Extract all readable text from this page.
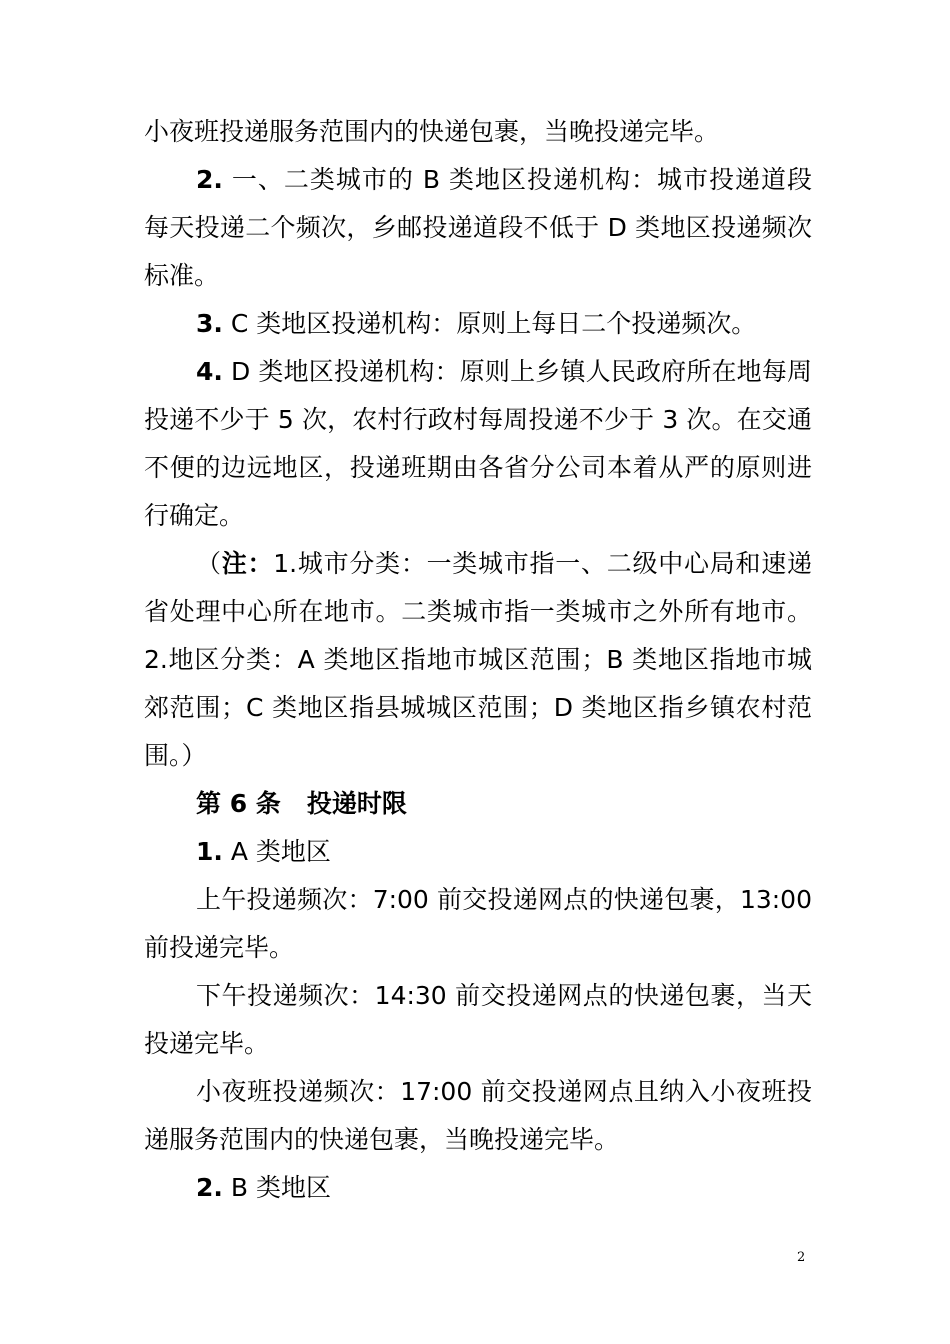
小夜班投递服务范围内的快递包裹，当晚投递完毕。

2. 一、二类城市的 B 类地区投递机构：城市投递道段每天投递二个频次，乡邮投递道段不低于 D 类地区投递频次标准。

3. C 类地区投递机构：原则上每日二个投递频次。

4. D 类地区投递机构：原则上乡镇人民政府所在地每周投递不少于 5 次，农村行政村每周投递不少于 3 次。在交通不便的边远地区，投递班期由各省分公司本着从严的原则进行确定。

（注：1.城市分类：一类城市指一、二级中心局和速递省处理中心所在地市。二类城市指一类城市之外所有地市。2.地区分类：A 类地区指地市城区范围；B 类地区指地市城郊范围；C 类地区指县城城区范围；D 类地区指乡镇农村范围。）

第 6 条 投递时限

1. A 类地区

上午投递频次：7:00 前交投递网点的快递包裹，13:00 前投递完毕。

下午投递频次：14:30 前交投递网点的快递包裹，当天投递完毕。

小夜班投递频次：17:00 前交投递网点且纳入小夜班投递服务范围内的快递包裹，当晚投递完毕。

2. B 类地区

2
